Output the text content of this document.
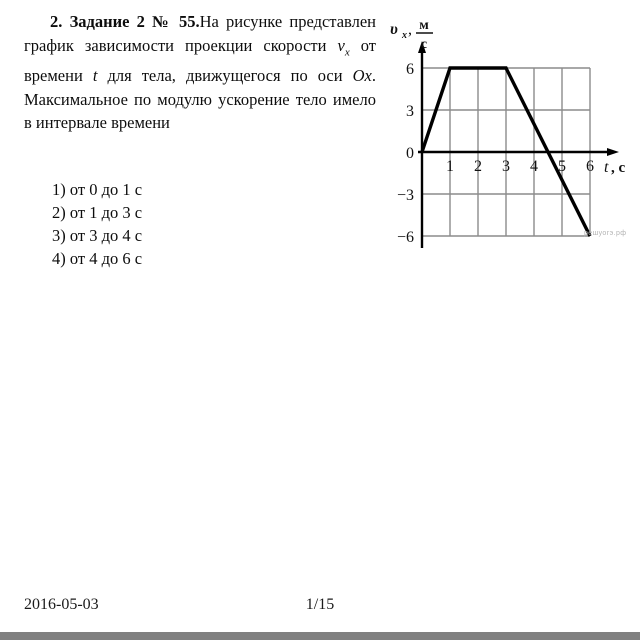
2. Задание 2 № 55.На рисунке представлен график зависимости проекции скорости $v_x$ от времени t для тела, движущегося по оси Ox. Максимальное по модулю ускорение тело имело в интервале времени

1) от 0 до 1 с
2) от 1 до 3 с
3) от 3 до 4 с
4) от 4 до 6 с
6
3
0
−3
−6
1 2 3 4 5 6
υ x , м
с
t , с
решуогэ.рф
2016-05-03	1/15
